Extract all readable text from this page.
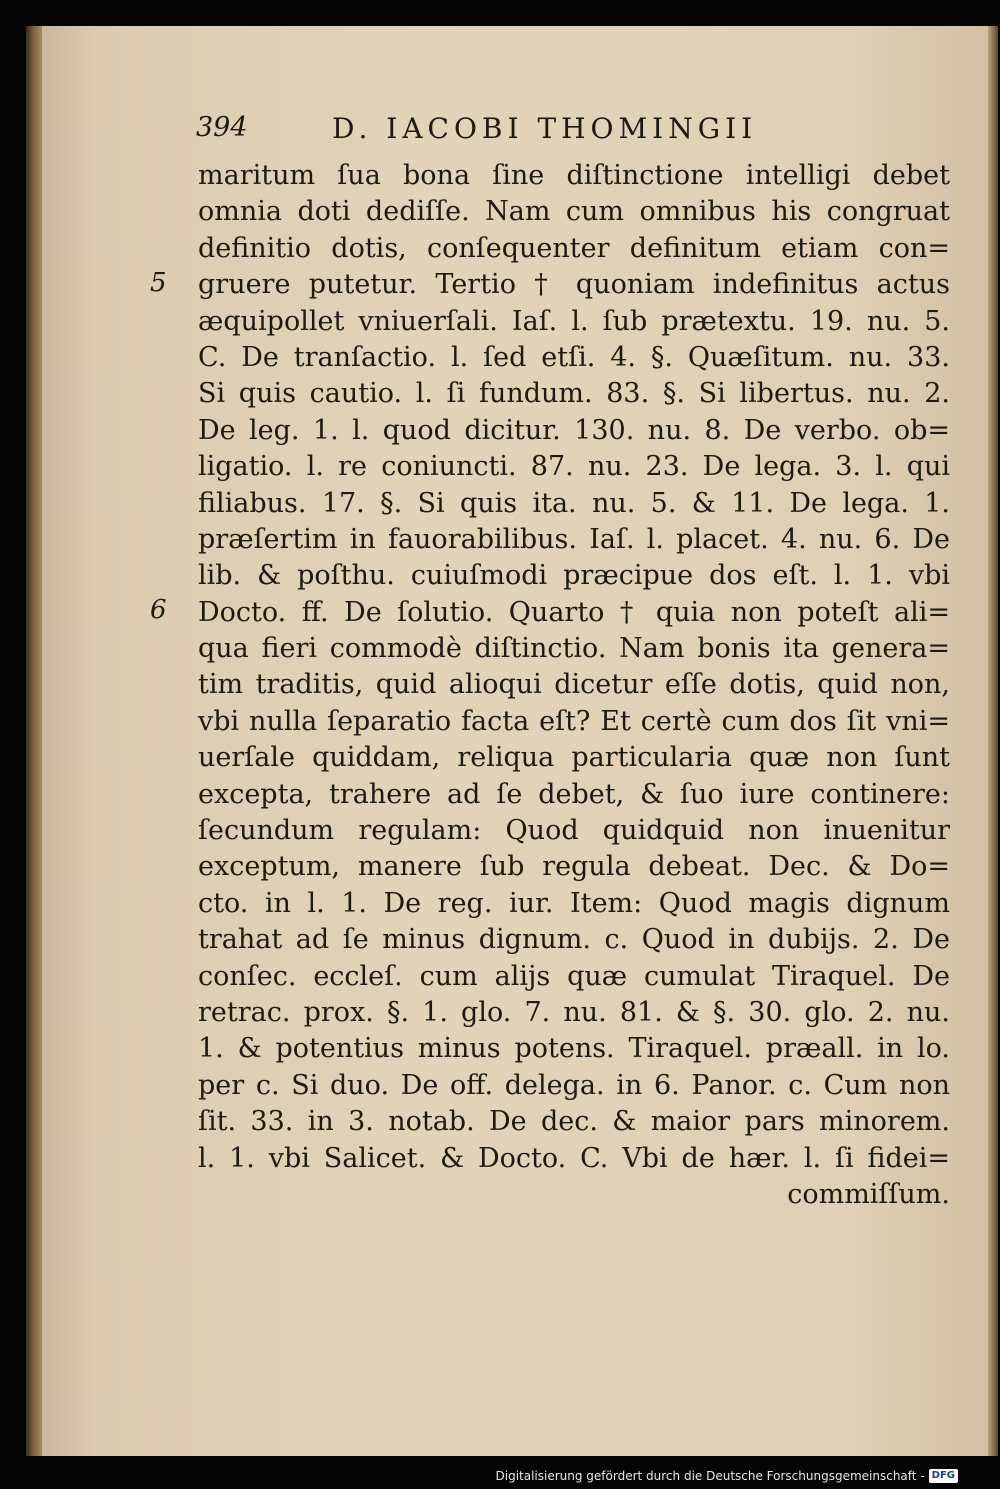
394	D. IACOBI THOMINGII
5
6
maritum ſua bona ſine diſtinctione intelligi debet
omnia doti dediſſe. Nam cum omnibus his congruat
definitio dotis, conſequenter definitum etiam con=
gruere putetur. Tertio † quoniam indefinitus actus
æquipollet vniuerſali. Iaſ. l. ſub prætextu. 19. nu. 5.
C. De tranſactio. l. ſed etſi. 4. §. Quæſitum. nu. 33.
Si quis cautio. l. ſi fundum. 83. §. Si libertus. nu. 2.
De leg. 1. l. quod dicitur. 130. nu. 8. De verbo. ob=
ligatio. l. re coniuncti. 87. nu. 23. De lega. 3. l. qui
filiabus. 17. §. Si quis ita. nu. 5. & 11. De lega. 1.
præſertim in fauorabilibus. Iaſ. l. placet. 4. nu. 6. De
lib. & poſthu. cuiuſmodi præcipue dos eſt. l. 1. vbi
Docto. ff. De ſolutio. Quarto † quia non poteſt ali=
qua fieri commodè diſtinctio. Nam bonis ita genera=
tim traditis, quid alioqui dicetur eſſe dotis, quid non,
vbi nulla ſeparatio facta eſt? Et certè cum dos ſit vni=
uerſale quiddam, reliqua particularia quæ non ſunt
excepta, trahere ad ſe debet, & ſuo iure continere:
ſecundum regulam: Quod quidquid non inuenitur
exceptum, manere ſub regula debeat. Dec. & Do=
cto. in l. 1. De reg. iur. Item: Quod magis dignum
trahat ad ſe minus dignum. c. Quod in dubijs. 2. De
conſec. eccleſ. cum alijs quæ cumulat Tiraquel. De
retrac. prox. §. 1. glo. 7. nu. 81. & §. 30. glo. 2. nu.
1. & potentius minus potens. Tiraquel. præall. in lo.
per c. Si duo. De off. delega. in 6. Panor. c. Cum non
ſit. 33. in 3. notab. De dec. & maior pars minorem.
l. 1. vbi Salicet. & Docto. C. Vbi de hær. l. ſi fidei=
commiſſum.
Digitalisierung gefördert durch die Deutsche Forschungsgemeinschaft - DFG
